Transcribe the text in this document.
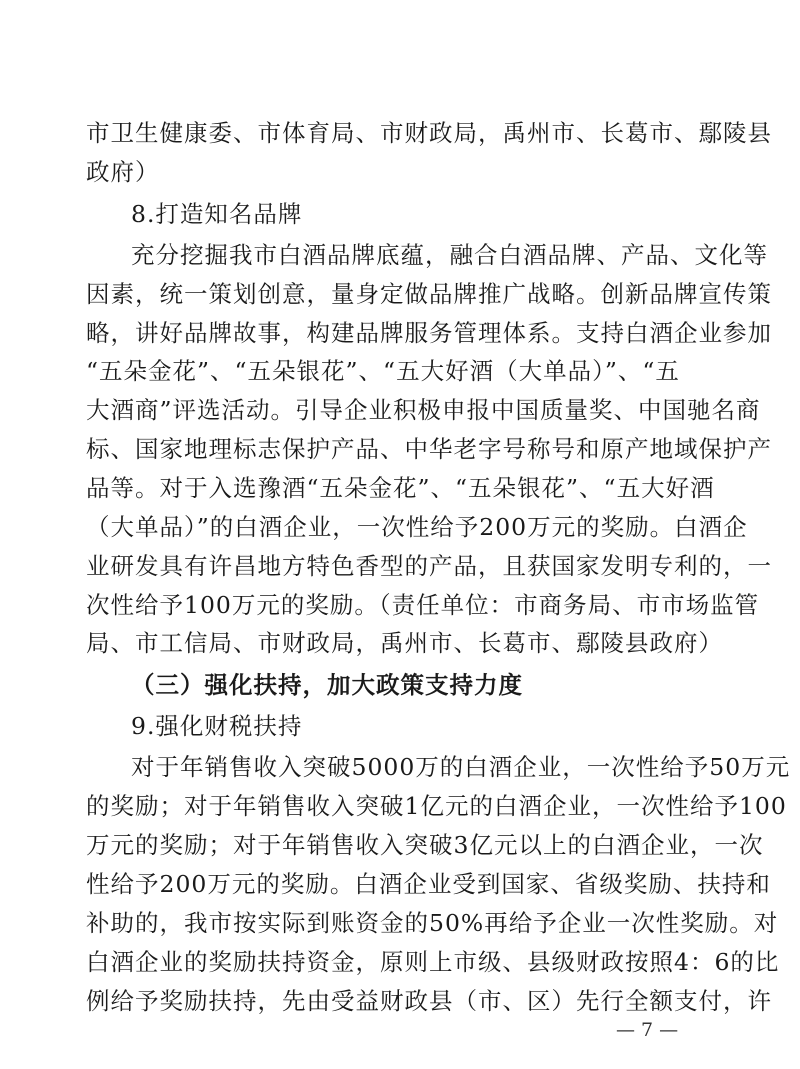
市卫生健康委、市体育局、市财政局，禹州市、长葛市、鄢陵县
政府）
8.打造知名品牌
充分挖掘我市白酒品牌底蕴，融合白酒品牌、产品、文化等
因素，统一策划创意，量身定做品牌推广战略。创新品牌宣传策
略，讲好品牌故事，构建品牌服务管理体系。支持白酒企业参加
“五朵金花”、“五朵银花”、“五大好酒（大单品）”、“五
大酒商”评选活动。引导企业积极申报中国质量奖、中国驰名商
标、国家地理标志保护产品、中华老字号称号和原产地域保护产
品等。对于入选豫酒“五朵金花”、“五朵银花”、“五大好酒
（大单品）”的白酒企业，一次性给予200万元的奖励。白酒企
业研发具有许昌地方特色香型的产品，且获国家发明专利的，一
次性给予100万元的奖励。（责任单位：市商务局、市市场监管
局、市工信局、市财政局，禹州市、长葛市、鄢陵县政府）
（三）强化扶持，加大政策支持力度
9.强化财税扶持
对于年销售收入突破5000万的白酒企业，一次性给予50万元
的奖励；对于年销售收入突破1亿元的白酒企业，一次性给予100
万元的奖励；对于年销售收入突破3亿元以上的白酒企业，一次
性给予200万元的奖励。白酒企业受到国家、省级奖励、扶持和
补助的，我市按实际到账资金的50%再给予企业一次性奖励。对
白酒企业的奖励扶持资金，原则上市级、县级财政按照4：6的比
例给予奖励扶持，先由受益财政县（市、区）先行全额支付，许
— 7 —
